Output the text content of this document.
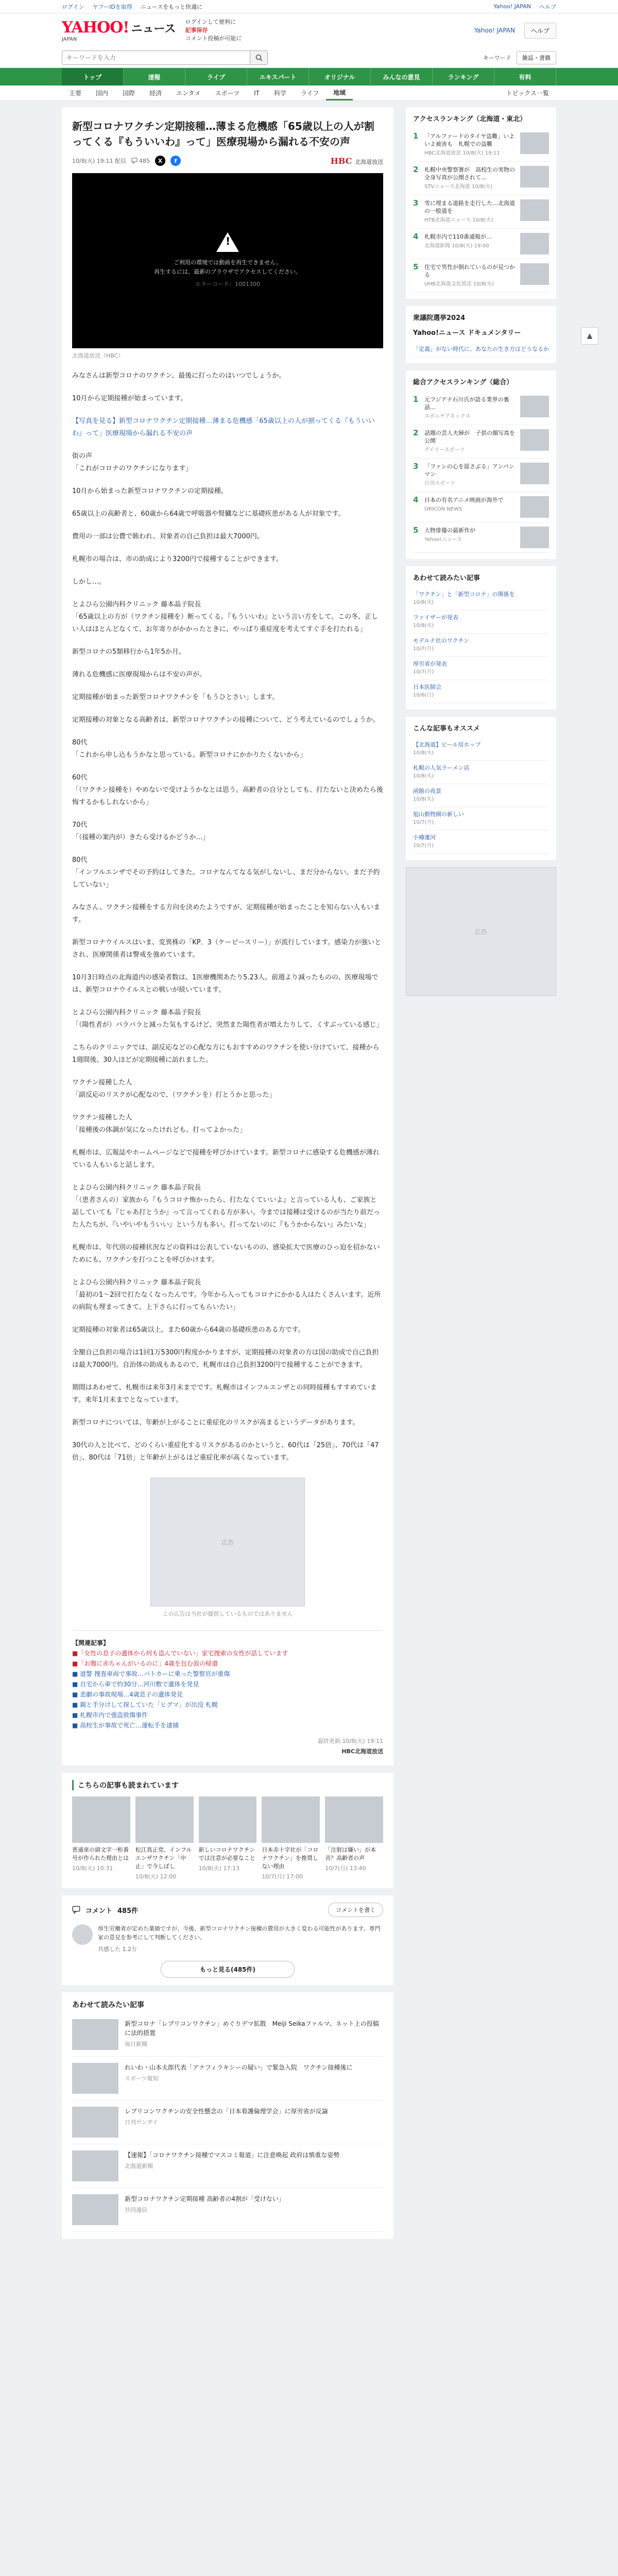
ログイン ヤフーIDを取得 ニュースをもっと快適に	Yahoo! JAPAN ヘルプ
YAHOO!
JAPAN
ニュース
ログインして便利に
記事保存
コメント投稿が可能に
Yahoo! JAPAN	ヘルプ
キーワードを入力
キーワード	雑誌・書籍
トップ	速報	ライブ	エキスパート	オリジナル	みんなの意見	ランキング	有料
主要	国内	国際	経済	エンタメ	スポーツ	IT	科学	ライフ	地域	トピックス一覧
新型コロナワクチン定期接種…薄まる危機感「65歳以上の人が割ってくる『もういいわ』って」医療現場から漏れる不安の声
10/8(火) 19:11 配信 485	X	f	HBC 北海道放送
!
ご利用の環境では動画を再生できません。
再生するには、最新のブラウザでアクセスしてください。
エラーコード：1001300
北海道放送（HBC）

みなさんは新型コロナのワクチン、最後に打ったのはいつでしょうか。

10月から定期接種が始まっています。

【写真を見る】新型コロナワクチン定期接種…薄まる危機感「65歳以上の人が割ってくる『もういいわ』って」医療現場から漏れる不安の声

街の声
「これがコロナのワクチンになります」

10月から始まった新型コロナワクチンの定期接種。

65歳以上の高齢者と、60歳から64歳で呼吸器や腎臓などに基礎疾患がある人が対象です。

費用の一部は公費で賄われ、対象者の自己負担は最大7000円。

札幌市の場合は、市の助成により3200円で接種することができます。

しかし…。

とよひら公園内科クリニック 藤本晶子院長
「65歳以上の方が（ワクチン接種を）断ってくる。『もういいわ』という言い方をして。この冬、正しい人はほとんどなくて、お年寄りがかかったときに、やっぱり重症度を考えてすぐ手を打たれる」

新型コロナの5類移行から1年5か月。

薄れる危機感に医療現場からは不安の声が。

定期接種が始まった新型コロナワクチンを「もうひとさい」します。

定期接種の対象となる高齢者は、新型コロナワクチンの接種について、どう考えているのでしょうか。

80代
「これから申し込もうかなと思っている。新型コロナにかかりたくないから」

60代
「（ワクチン接種を）やめないで受けようかなとは思う。高齢者の自分としても、打たないと決めたら後悔するかもしれないから」

70代
「（接種の案内が）きたら受けるかどうか…」

80代
「インフルエンザでその予約はしてきた。コロナなんてなる気がしないし、まだ分からない。まだ予約していない」

みなさん、ワクチン接種をする方向を決めたようですが、定期接種が始まったことを知らない人もいます。

新型コロナウイルスはいま、変異株の「KP．3（ケーピースリー）」が流行しています。感染力が強いとされ、医療関係者は警戒を強めています。

10月3日時点の北海道内の感染者数は、1医療機関あたり5.23人。前週より減ったものの、医療現場では、新型コロナウイルスとの戦いが続いています。

とよひら公園内科クリニック 藤本晶子院長
「（陽性者が）パラパラと減った気もするけど、突然また陽性者が増えたりして、くすぶっている感じ」

こちらのクリニックでは、副反応などの心配な方にもおすすめのワクチンを使い分けていて、接種から1週間後、30人ほどが定期接種に訪れました。

ワクチン接種した人
「副反応のリスクが心配なので、（ワクチンを）打とうかと思った」

ワクチン接種した人
「接種後の体調が気になったけれども、打ってよかった」

札幌市は、広報誌やホームページなどで接種を呼びかけています。新型コロナに感染する危機感が薄れている人もいると話します。

とよひら公園内科クリニック 藤本晶子院長
「（患者さんの）家族から『もうコロナ怖かったら、打たなくていいよ』と言っている人も、ご家族と話していても『じゃあ打とうか』って言ってくれる方が多い。今までは接種は受けるのが当たり前だった人たちが、『いやいやもういい』という方も多い。打ってないのに『もうかからない』みたいな」

札幌市は、年代別の接種状況などの資料は公表していないものの、感染拡大で医療のひっ迫を招かないためにも、ワクチンを打つことを呼びかけます。

とよひら公園内科クリニック 藤本晶子院長
「最初の1～2回で打たなくなったんです。今年から入ってもコロナにかかる人はたくさんいます。近所の病院も埋まってきて、上下さらに打ってもらいたい」

定期接種の対象者は65歳以上。また60歳から64歳の基礎疾患のある方です。

全額自己負担の場合は1回1万5300円程度かかりますが、定期接種の対象者の方は国の助成で自己負担は最大7000円。自治体の助成もあるので、札幌市は自己負担3200円で接種することができます。

期間はあわせて、札幌市は来年3月末までです。札幌市はインフルエンザとの同時接種もすすめています。来年1月末までとなっています。

新型コロナについては、年齢が上がることに重症化のリスクが高まるというデータがあります。

30代の人と比べて、どのくらい重症化するリスクがあるのかというと、60代は「25倍」、70代は「47倍」、80代は「71倍」と年齢が上がるほど重症化率が高くなっています。

広告
この広告は当社が提供しているものではありません
【関連記事】
■「女性の息子の遺体から何も盗んでいない」家宅捜索の女性が話しています
■「お腹に赤ちゃんがいるのに」4歳を包む涙の帰還
■ 道警 捜査車両で事故…パトカーに乗った警察官が重傷
■ 自宅から車で約30分…河川敷で遺体を発見
■ 悲劇の事故現場…4歳息子の遺体発見
■ 親と手分けして探していた「ヒグマ」が出没 札幌
■ 札幌市内で強盗致傷事件
■ 高校生が事故で死亡…運転手を逮捕
最終更新:10/8(火) 19:11
HBC北海道放送
こちらの記事も読まれています
普通車の頭文字一桁番号が作られた理由とは
10/8(火) 10:31
松江真正党、インフルエンザワクチン「中止」で今しばし
10/8(火) 12:00
新しいコロナワクチンでは注意が必要なこと
10/8(火) 17:13
日本赤十字社が「コロナワクチン」を推奨しない理由
10/7(月) 17:00
「注射は嫌い」が本音？高齢者の声
10/7(月) 13:40
コメント 485件	コメントを書く
厚生労働省が定めた薬価ですが、今後、新型コロナワクチン接種の費用が大きく変わる可能性があります。専門家の意見を参考にして判断してください。
共感した 1.2万
もっと見る(485件)
あわせて読みたい記事
新型コロナ「レプリコンワクチン」めぐりデマ拡散　Meiji Seikaファルマ、ネット上の投稿に法的措置
毎日新聞
れいわ・山本太郎代表「アナフィラキシーの疑い」で緊急入院　ワクチン接種後に
スポーツ報知
レプリコンワクチンの安全性懸念の「日本看護倫理学会」に厚労省が反論
日刊ゲンダイ
【速報】「コロナワクチン接種でマスコミ報道」に注意喚起 政府は慎重な姿勢
北海道新聞
新型コロナワクチン定期接種 高齢者の4割が「受けない」
共同通信
アクセスランキング（北海道・東北）
1	「アルファードのタイヤ盗難」いよいよ被害も　札幌での盗難
HBC北海道放送 10/8(火) 19:11
2	札幌中央警察署が　高校生の実物の全身写真が公開されて…
STVニュース北海道 10/8(火)
3	雪に埋まる道路を走行した…北海道の一般道を
HTB北海道ニュース 10/8(火)
4	札幌市内で110番通報が…
北海道新聞 10/8(火) 19:00
5	住宅で男性が倒れているのが見つかる
UHB北海道文化放送 10/8(火)
衆議院選挙2024
Yahoo!ニュース ドキュメンタリー
「定義」がない時代に、あなたの生き方はどうなるか
総合アクセスランキング（総合）
1	元フジアナ石川氏が語る業界の裏話…
スポニチアネックス
2	話題の芸人夫婦が　子供の顔写真を公開
デイリースポーツ
3	「ファンの心を揺さぶる」アンパンマン
日刊スポーツ
4	日本の有名アニメ映画が海外で
ORICON NEWS
5	大物俳優の最新作が
Yahoo!ニュース
あわせて読みたい記事
「ワクチン」と「新型コロナ」の関係を
10/8(火)
ファイザーが発表
10/8(火)
モデルナ社のワクチン
10/7(月)
厚労省が発表
10/7(月)
日本医師会
10/6(日)
こんな記事もオススメ
【北海道】ビール用ホップ
10/8(火)
札幌の人気ラーメン店
10/8(火)
函館の夜景
10/8(火)
旭山動物園の新しい
10/7(月)
小樽運河
10/7(月)
広告
▲
